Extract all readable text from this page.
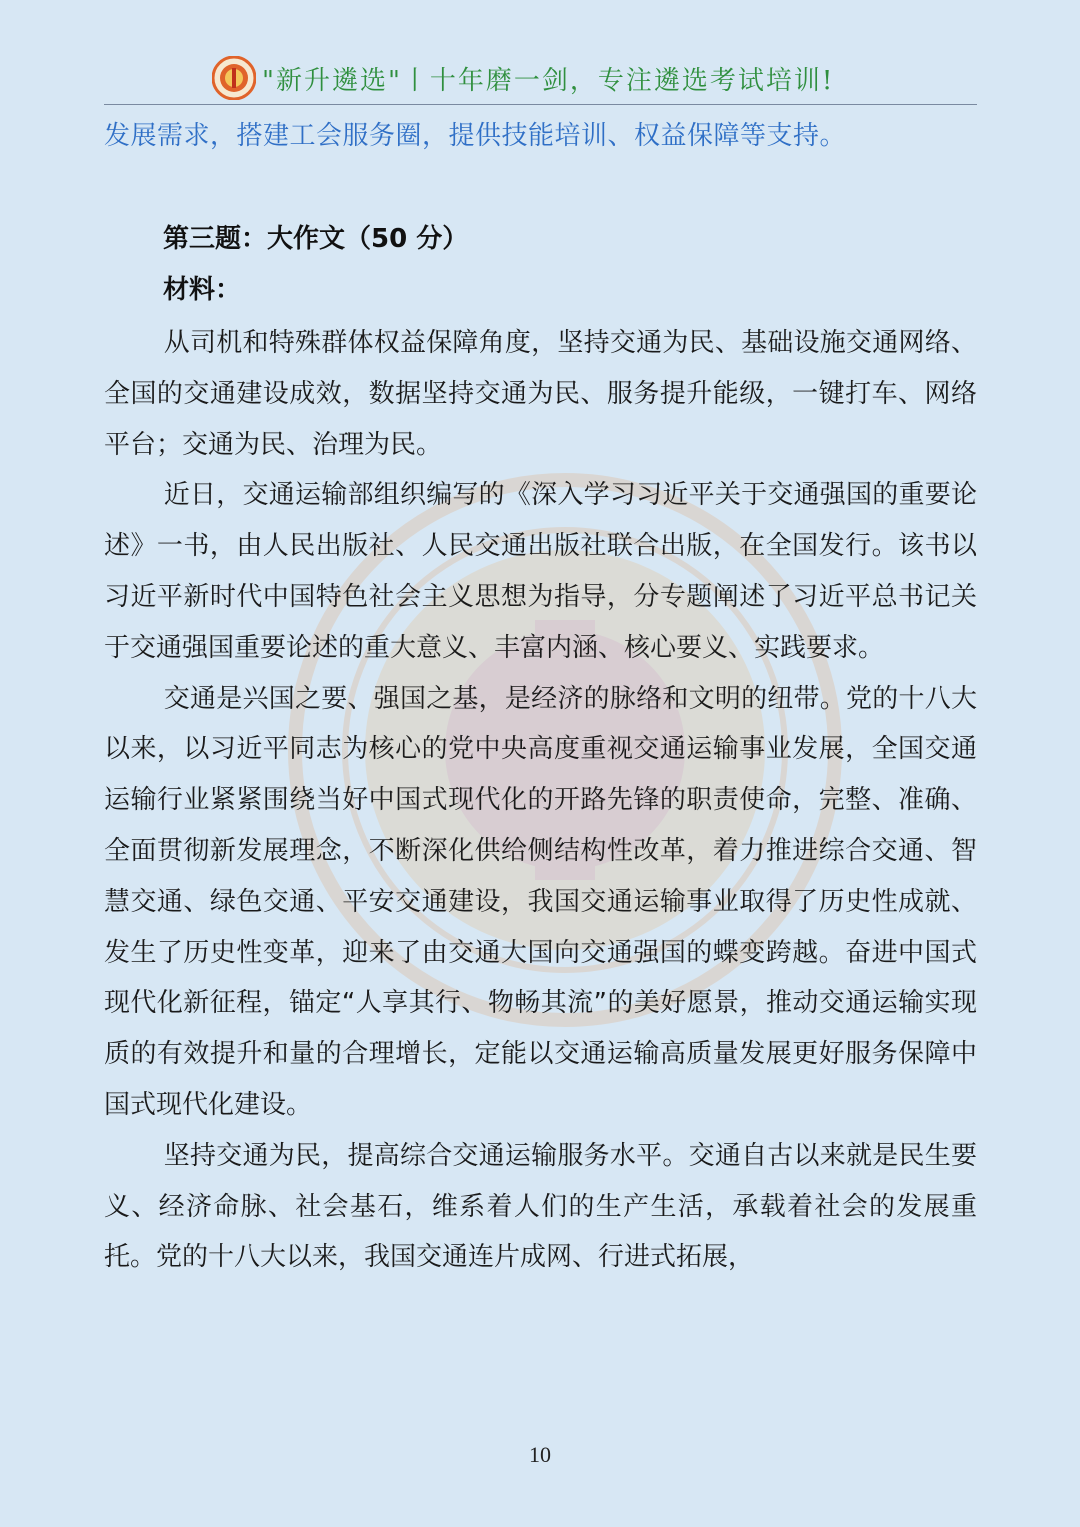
"新升遴选"丨十年磨一剑，专注遴选考试培训!
发展需求，搭建工会服务圈，提供技能培训、权益保障等支持。
第三题：大作文（50 分）
材料：

从司机和特殊群体权益保障角度，坚持交通为民、基础设施交通网络、全国的交通建设成效，数据坚持交通为民、服务提升能级，一键打车、网络平台；交通为民、治理为民。

近日，交通运输部组织编写的《深入学习习近平关于交通强国的重要论述》一书，由人民出版社、人民交通出版社联合出版，在全国发行。该书以习近平新时代中国特色社会主义思想为指导，分专题阐述了习近平总书记关于交通强国重要论述的重大意义、丰富内涵、核心要义、实践要求。

交通是兴国之要、强国之基，是经济的脉络和文明的纽带。党的十八大以来，以习近平同志为核心的党中央高度重视交通运输事业发展，全国交通运输行业紧紧围绕当好中国式现代化的开路先锋的职责使命，完整、准确、全面贯彻新发展理念，不断深化供给侧结构性改革，着力推进综合交通、智慧交通、绿色交通、平安交通建设，我国交通运输事业取得了历史性成就、发生了历史性变革，迎来了由交通大国向交通强国的蝶变跨越。奋进中国式现代化新征程，锚定“人享其行、物畅其流”的美好愿景，推动交通运输实现质的有效提升和量的合理增长，定能以交通运输高质量发展更好服务保障中国式现代化建设。

坚持交通为民，提高综合交通运输服务水平。交通自古以来就是民生要义、经济命脉、社会基石，维系着人们的生产生活，承载着社会的发展重托。党的十八大以来，我国交通连片成网、行进式拓展，

10
